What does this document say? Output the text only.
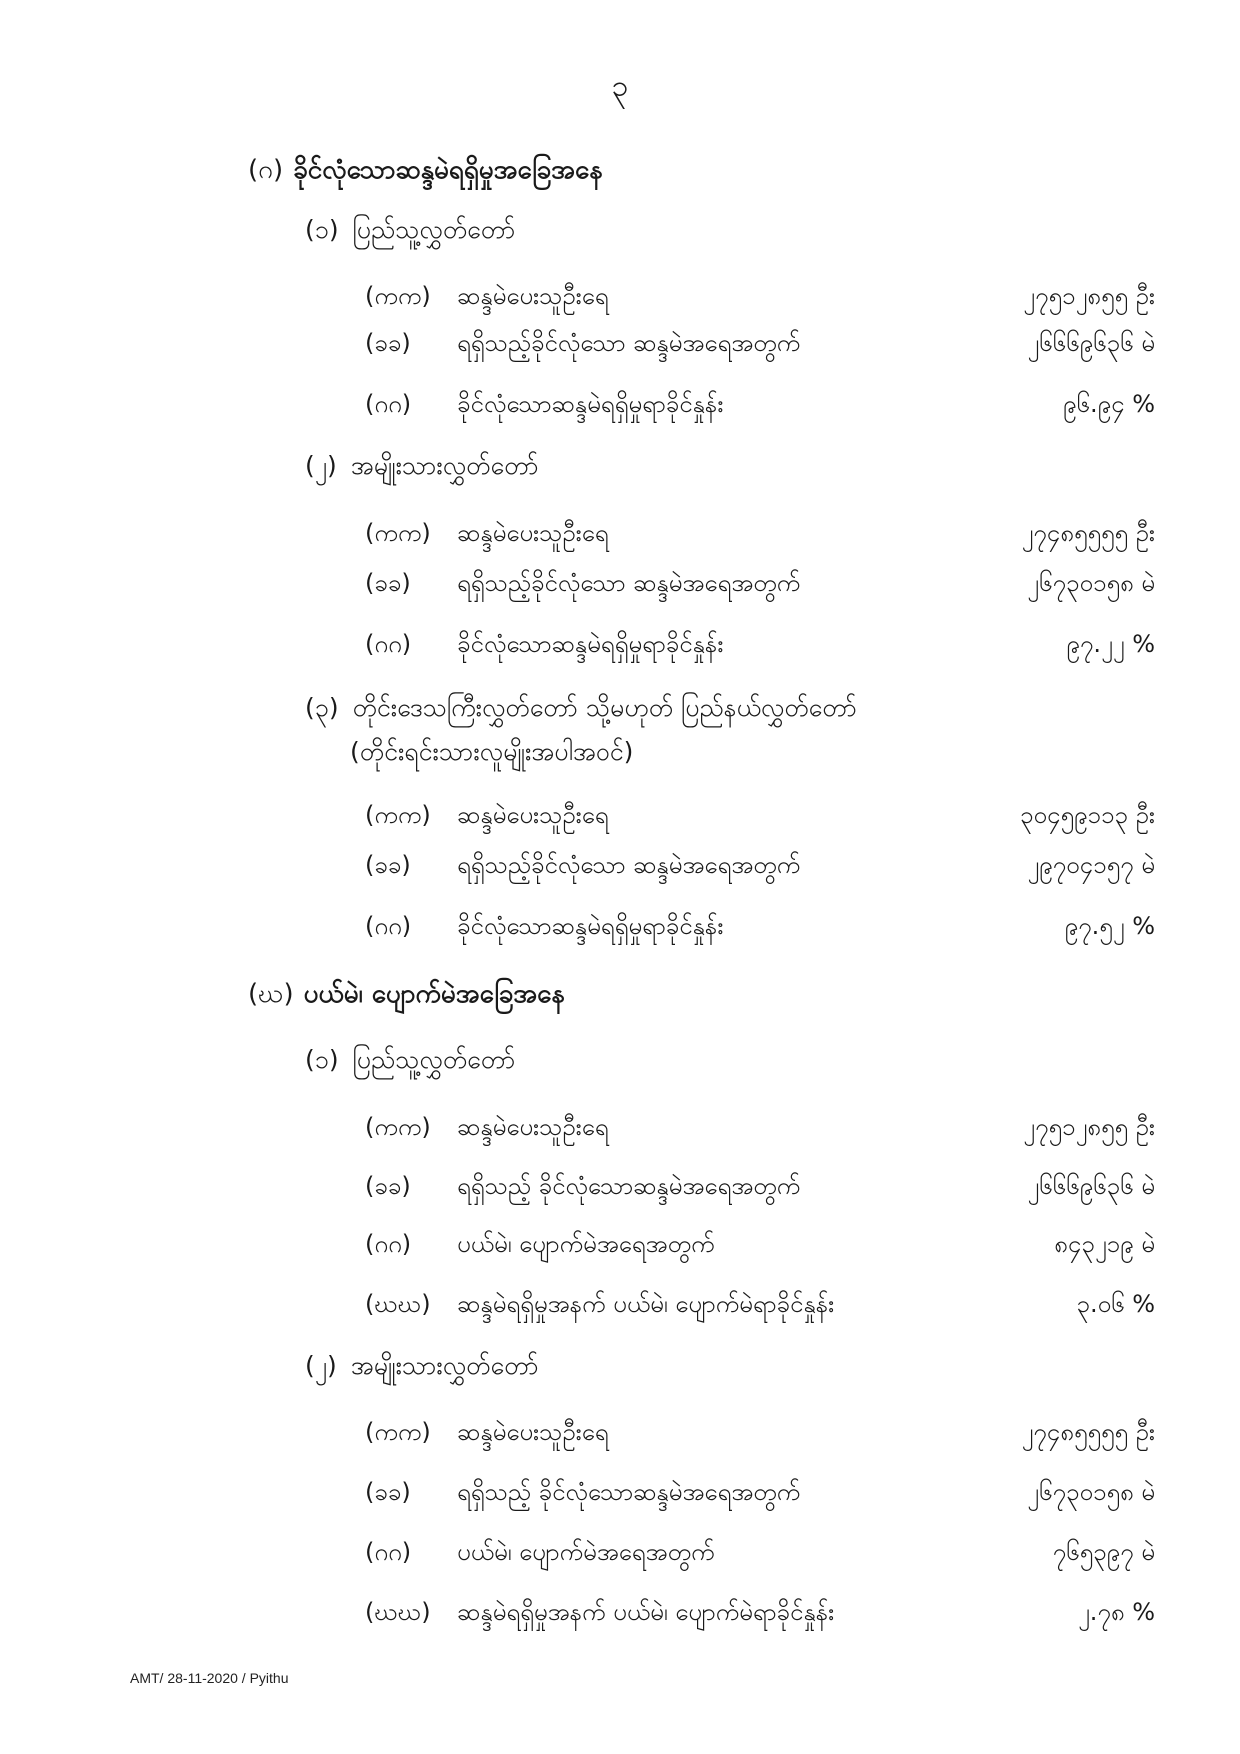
၃
(ဂ) ခိုင်လုံသောဆန္ဒမဲရရှိမှုအခြေအနေ
(၁) ပြည်သူ့လွှတ်တော်
(ကက) ဆန္ဒမဲပေးသူဦးရေ	၂၇၅၁၂၈၅၅ ဦး
(ခခ) ရရှိသည့်ခိုင်လုံသော ဆန္ဒမဲအရေအတွက်	၂၆၆၆၉၆၃၆ မဲ
(ဂဂ) ခိုင်လုံသောဆန္ဒမဲရရှိမှုရာခိုင်နှုန်း	၉၆.၉၄ %
(၂) အမျိုးသားလွှတ်တော်
(ကက) ဆန္ဒမဲပေးသူဦးရေ	၂၇၄၈၅၅၅၅ ဦး
(ခခ) ရရှိသည့်ခိုင်လုံသော ဆန္ဒမဲအရေအတွက်	၂၆၇၃၀၁၅၈ မဲ
(ဂဂ) ခိုင်လုံသောဆန္ဒမဲရရှိမှုရာခိုင်နှုန်း	၉၇.၂၂ %
(၃) တိုင်းဒေသကြီးလွှတ်တော် သို့မဟုတ် ပြည်နယ်လွှတ်တော်
(တိုင်းရင်းသားလူမျိုးအပါအဝင်)
(ကက) ဆန္ဒမဲပေးသူဦးရေ	၃၀၄၅၉၁၁၃ ဦး
(ခခ) ရရှိသည့်ခိုင်လုံသော ဆန္ဒမဲအရေအတွက်	၂၉၇၀၄၁၅၇ မဲ
(ဂဂ) ခိုင်လုံသောဆန္ဒမဲရရှိမှုရာခိုင်နှုန်း	၉၇.၅၂ %
(ဃ) ပယ်မဲ၊ ပျောက်မဲအခြေအနေ
(၁) ပြည်သူ့လွှတ်တော်
(ကက) ဆန္ဒမဲပေးသူဦးရေ	၂၇၅၁၂၈၅၅ ဦး
(ခခ) ရရှိသည့် ခိုင်လုံသောဆန္ဒမဲအရေအတွက်	၂၆၆၆၉၆၃၆ မဲ
(ဂဂ) ပယ်မဲ၊ ပျောက်မဲအရေအတွက်	၈၄၃၂၁၉ မဲ
(ဃဃ) ဆန္ဒမဲရရှိမှုအနက် ပယ်မဲ၊ ပျောက်မဲရာခိုင်နှုန်း	၃.၀၆ %
(၂) အမျိုးသားလွှတ်တော်
(ကက) ဆန္ဒမဲပေးသူဦးရေ	၂၇၄၈၅၅၅၅ ဦး
(ခခ) ရရှိသည့် ခိုင်လုံသောဆန္ဒမဲအရေအတွက်	၂၆၇၃၀၁၅၈ မဲ
(ဂဂ) ပယ်မဲ၊ ပျောက်မဲအရေအတွက်	၇၆၅၃၉၇ မဲ
(ဃဃ) ဆန္ဒမဲရရှိမှုအနက် ပယ်မဲ၊ ပျောက်မဲရာခိုင်နှုန်း	၂.၇၈ %
AMT/ 28-11-2020 / Pyithu
